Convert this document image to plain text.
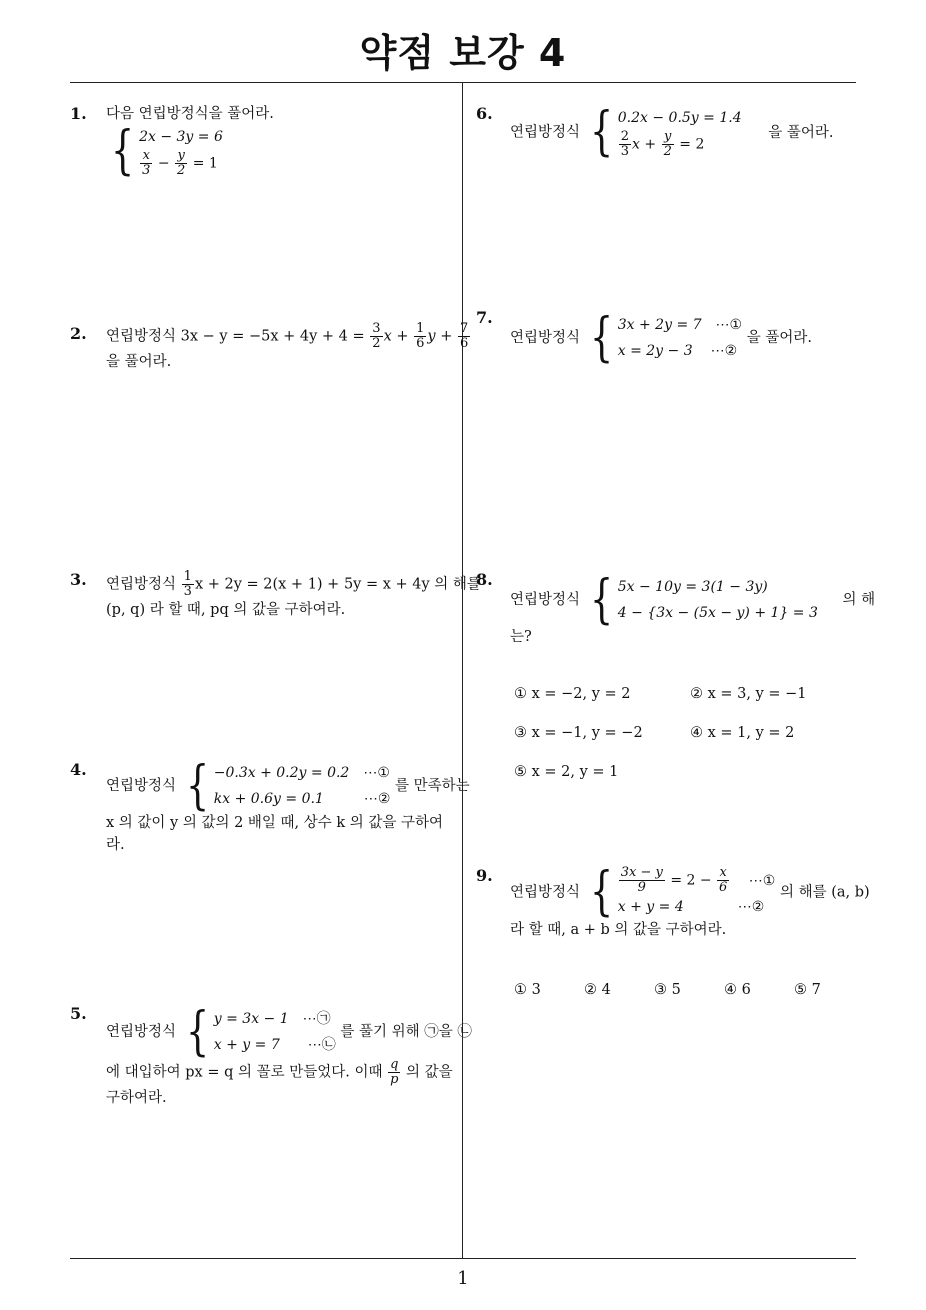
약점 보강 4
1. 다음 연립방정식을 풀어라.
{ 2x − 3y = 6
$\frac{x}{3} - \frac{y}{2} = 1$
2. 연립방정식 $3x - y = -5x + 4y + 4 = \frac{3}{2}$ $x + \frac{1}{6}$ $y + \frac{7}{6}$
을 풀어라.
3. 연립방정식 $\frac{1}{3}$ x + 2y = 2(x + 1) + 5y = x + 4y 의 해를
(p, q) 라 할 때, pq 의 값을 구하여라.
4.
연립방정식 { −0.3x + 0.2y = 0.2 ⋯①
kx + 0.6y = 0.1	⋯②
를 만족하는
x 의 값이 y 의 값의 2 배일 때, 상수 k 의 값을 구하여
라.
5.
연립방정식 { y = 3x − 1 ⋯㉠
x + y = 7 ⋯㉡
를 풀기 위해 ㉠을 ㉡
에 대입하여 px = q 의 꼴로 만들었다. 이때 $\frac{q}{p}$ 의 값을
구하여라.
6.
연립방정식 { 0.2x − 0.5y = 1.4
$\frac{2}{3}$ $x + \frac{y}{2} = 2$
을 풀어라.
7.
연립방정식 { 3x + 2y = 7 ⋯①
x = 2y − 3 ⋯②
을 풀어라.
8.
연립방정식 { 5x − 10y = 3(1 − 3y)
4 − {3x − (5x − y) + 1} = 3
의 해
는?
① x = −2, y = 2	② x = 3, y = −1
③ x = −1, y = −2	④ x = 1, y = 2
⑤ x = 2, y = 1
9.
연립방정식 { $\frac{3x - y}{9} = 2 - \frac{x}{6}$ ⋯①
x + y = 4	⋯②
의 해를 (a, b)
라 할 때, a + b 의 값을 구하여라.
① 3	② 4	③ 5	④ 6	⑤ 7
1
